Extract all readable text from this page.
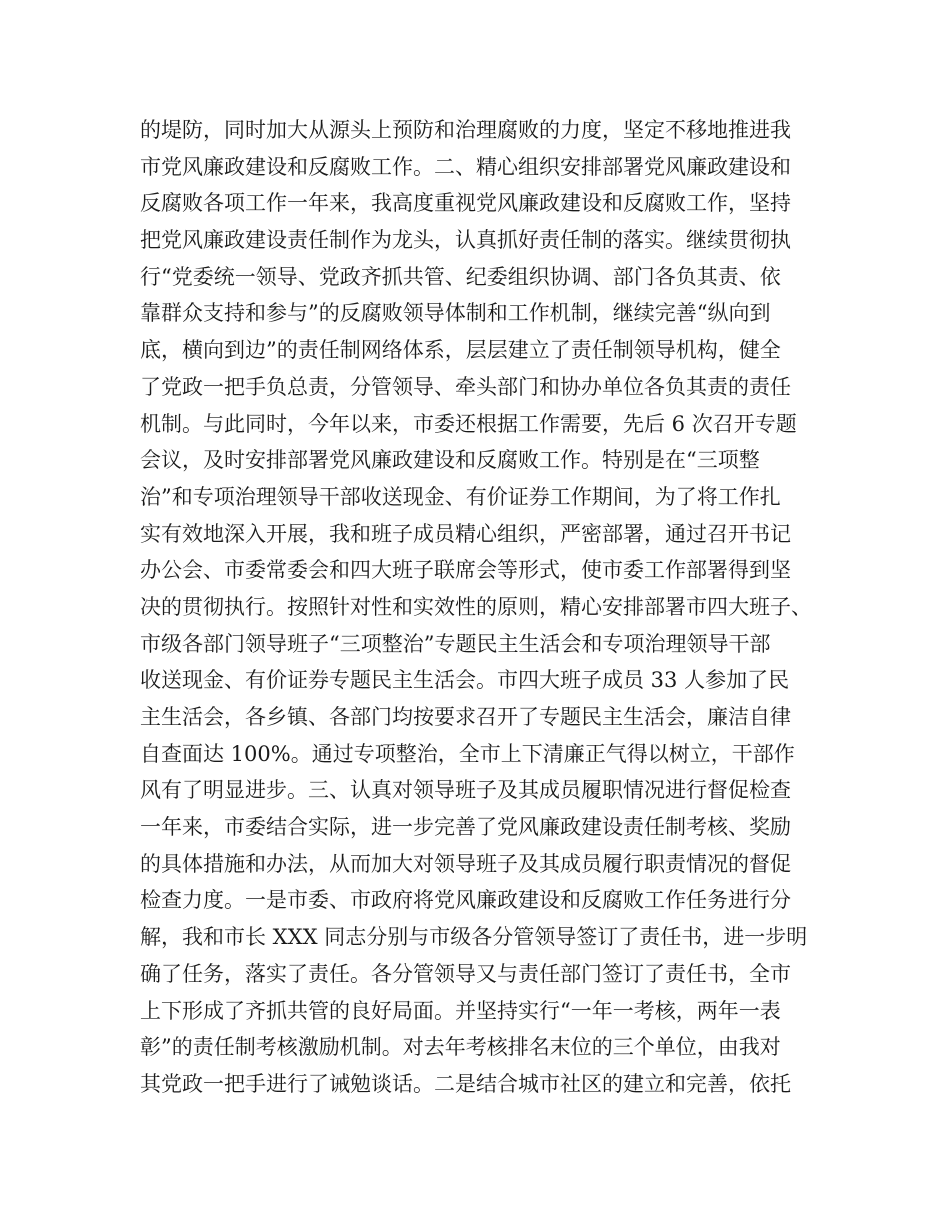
的堤防，同时加大从源头上预防和治理腐败的力度，坚定不移地推进我
市党风廉政建设和反腐败工作。二、精心组织安排部署党风廉政建设和
反腐败各项工作一年来，我高度重视党风廉政建设和反腐败工作，坚持
把党风廉政建设责任制作为龙头，认真抓好责任制的落实。继续贯彻执
行“党委统一领导、党政齐抓共管、纪委组织协调、部门各负其责、依
靠群众支持和参与”的反腐败领导体制和工作机制，继续完善“纵向到
底，横向到边”的责任制网络体系，层层建立了责任制领导机构，健全
了党政一把手负总责，分管领导、牵头部门和协办单位各负其责的责任
机制。与此同时，今年以来，市委还根据工作需要，先后 6 次召开专题
会议，及时安排部署党风廉政建设和反腐败工作。特别是在“三项整
治”和专项治理领导干部收送现金、有价证券工作期间，为了将工作扎
实有效地深入开展，我和班子成员精心组织，严密部署，通过召开书记
办公会、市委常委会和四大班子联席会等形式，使市委工作部署得到坚
决的贯彻执行。按照针对性和实效性的原则，精心安排部署市四大班子、
市级各部门领导班子“三项整治”专题民主生活会和专项治理领导干部
收送现金、有价证券专题民主生活会。市四大班子成员 33 人参加了民
主生活会，各乡镇、各部门均按要求召开了专题民主生活会，廉洁自律
自查面达 100%。通过专项整治，全市上下清廉正气得以树立，干部作
风有了明显进步。三、认真对领导班子及其成员履职情况进行督促检查
一年来，市委结合实际，进一步完善了党风廉政建设责任制考核、奖励
的具体措施和办法，从而加大对领导班子及其成员履行职责情况的督促
检查力度。一是市委、市政府将党风廉政建设和反腐败工作任务进行分
解，我和市长 XXX 同志分别与市级各分管领导签订了责任书，进一步明
确了任务，落实了责任。各分管领导又与责任部门签订了责任书，全市
上下形成了齐抓共管的良好局面。并坚持实行“一年一考核，两年一表
彰”的责任制考核激励机制。对去年考核排名末位的三个单位，由我对
其党政一把手进行了诫勉谈话。二是结合城市社区的建立和完善，依托
